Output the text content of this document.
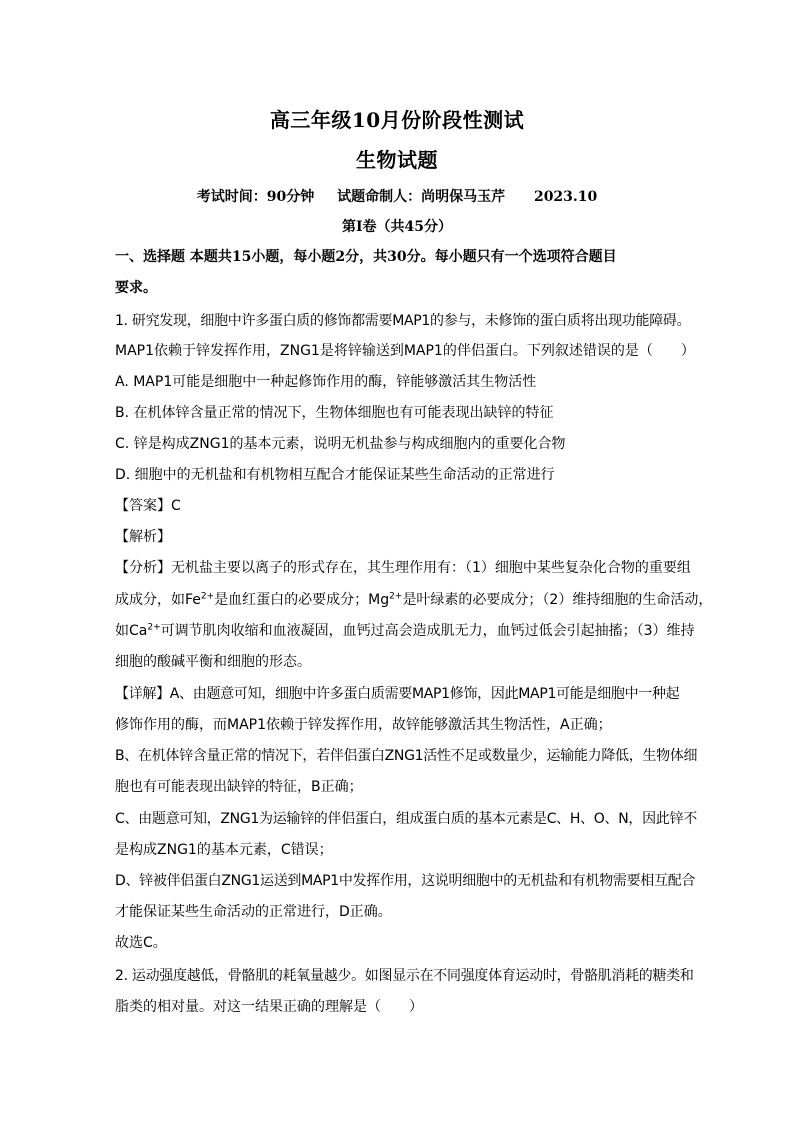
高三年级10月份阶段性测试
生物试题
考试时间：90分钟 试题命制人：尚明保马玉芹 2023.10
第Ⅰ卷（共45分）
一、选择题 本题共15小题，每小题2分，共30分。每小题只有一个选项符合题目
要求。
1. 研究发现，细胞中许多蛋白质的修饰都需要MAP1的参与，未修饰的蛋白质将出现功能障碍。
MAP1依赖于锌发挥作用，ZNG1是将锌输送到MAP1的伴侣蛋白。下列叙述错误的是（　　）
A. MAP1可能是细胞中一种起修饰作用的酶，锌能够激活其生物活性
B. 在机体锌含量正常的情况下，生物体细胞也有可能表现出缺锌的特征
C. 锌是构成ZNG1的基本元素，说明无机盐参与构成细胞内的重要化合物
D. 细胞中的无机盐和有机物相互配合才能保证某些生命活动的正常进行
【答案】C
【解析】
【分析】无机盐主要以离子的形式存在，其生理作用有：（1）细胞中某些复杂化合物的重要组
成成分，如$Fe^{2+}$是血红蛋白的必要成分；$Mg^{2+}$是叶绿素的必要成分；（2）维持细胞的生命活动，
如$Ca^{2+}$可调节肌肉收缩和血液凝固，血钙过高会造成肌无力，血钙过低会引起抽搐；（3）维持
细胞的酸碱平衡和细胞的形态。
【详解】A、由题意可知，细胞中许多蛋白质需要MAP1修饰，因此MAP1可能是细胞中一种起
修饰作用的酶，而MAP1依赖于锌发挥作用，故锌能够激活其生物活性，A正确；
B、在机体锌含量正常的情况下，若伴侣蛋白ZNG1活性不足或数量少，运输能力降低，生物体细
胞也有可能表现出缺锌的特征，B正确；
C、由题意可知，ZNG1为运输锌的伴侣蛋白，组成蛋白质的基本元素是C、H、O、N，因此锌不
是构成ZNG1的基本元素，C错误；
D、锌被伴侣蛋白ZNG1运送到MAP1中发挥作用，这说明细胞中的无机盐和有机物需要相互配合
才能保证某些生命活动的正常进行，D正确。
故选C。
2. 运动强度越低，骨骼肌的耗氧量越少。如图显示在不同强度体育运动时，骨骼肌消耗的糖类和
脂类的相对量。对这一结果正确的理解是（　　）
